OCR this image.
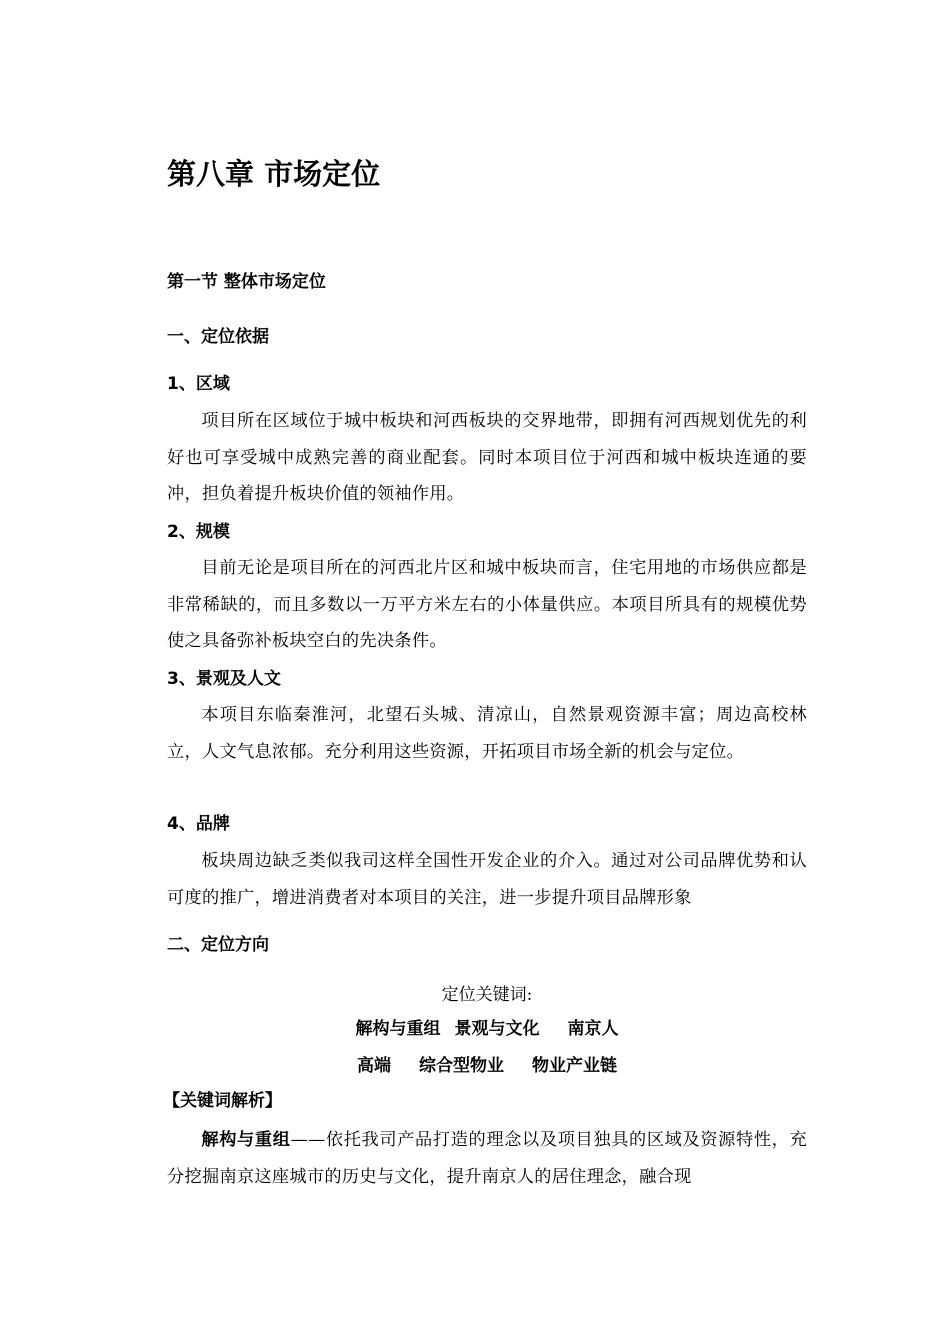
第八章 市场定位
第一节 整体市场定位
一、定位依据
1、区域

项目所在区域位于城中板块和河西板块的交界地带，即拥有河西规划优先的利好也可享受城中成熟完善的商业配套。同时本项目位于河西和城中板块连通的要冲，担负着提升板块价值的领袖作用。

2、规模

目前无论是项目所在的河西北片区和城中板块而言，住宅用地的市场供应都是非常稀缺的，而且多数以一万平方米左右的小体量供应。本项目所具有的规模优势使之具备弥补板块空白的先决条件。

3、景观及人文

本项目东临秦淮河，北望石头城、清凉山，自然景观资源丰富；周边高校林立，人文气息浓郁。充分利用这些资源，开拓项目市场全新的机会与定位。

4、品牌

板块周边缺乏类似我司这样全国性开发企业的介入。通过对公司品牌优势和认可度的推广，增进消费者对本项目的关注，进一步提升项目品牌形象

二、定位方向
定位关键词:
解构与重组 景观与文化 南京人
高端 综合型物业 物业产业链
【关键词解析】

解构与重组——依托我司产品打造的理念以及项目独具的区域及资源特性，充分挖掘南京这座城市的历史与文化，提升南京人的居住理念，融合现
